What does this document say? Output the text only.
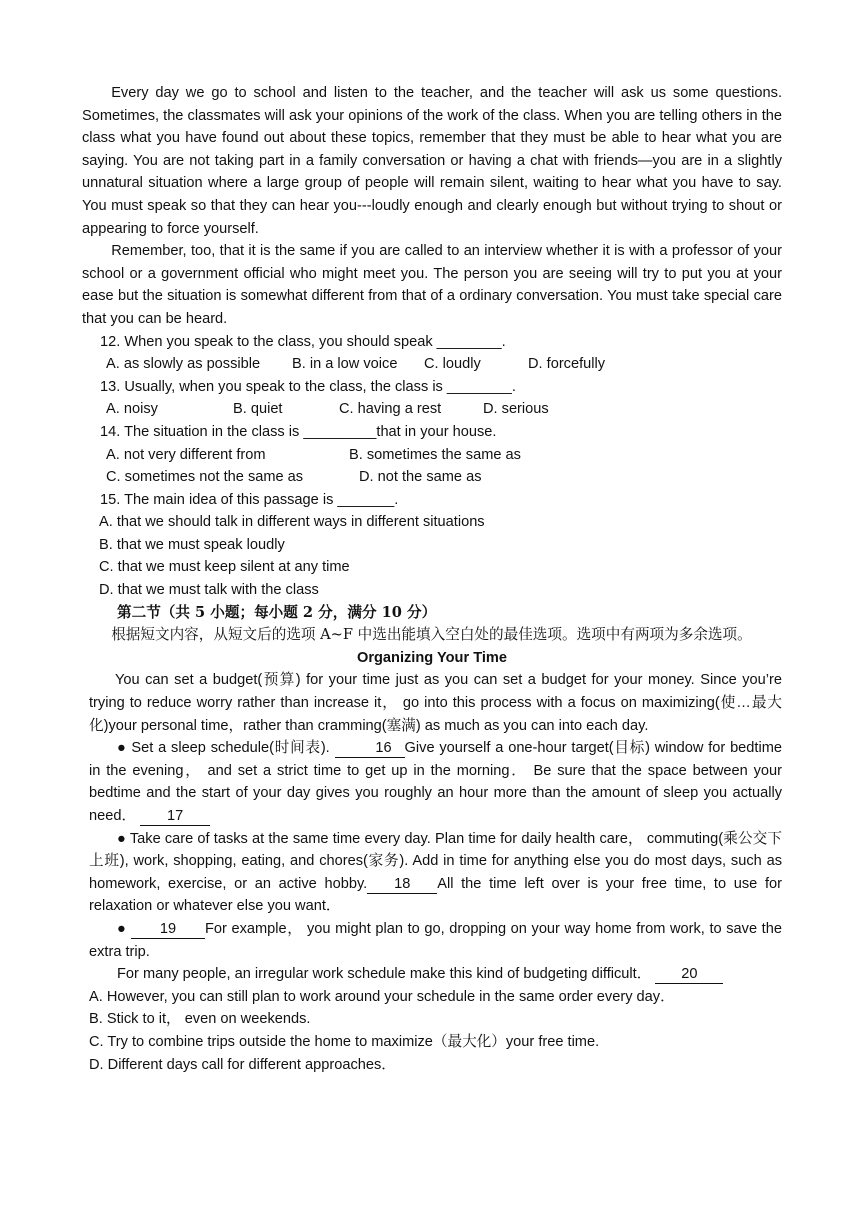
Every day we go to school and listen to the teacher, and the teacher will ask us some questions. Sometimes, the classmates will ask your opinions of the work of the class. When you are telling others in the class what you have found out about these topics, remember that they must be able to hear what you are saying. You are not taking part in a family conversation or having a chat with friends—you are in a slightly unnatural situation where a large group of people will remain silent, waiting to hear what you have to say. You must speak so that they can hear you---loudly enough and clearly enough but without trying to shout or appearing to force yourself.

Remember, too, that it is the same if you are called to an interview whether it is with a professor of your school or a government official who might meet you. The person you are seeing will try to put you at your ease but the situation is somewhat different from that of a ordinary conversation. You must take special care that you can be heard.

12. When you speak to the class, you should speak ________.

A. as slowly as possible B. in a low voice C. loudly	D. forcefully

13. Usually, when you speak to the class, the class is ________.

A. noisy	B. quiet	C. having a rest	D. serious

14. The situation in the class is _________that in your house.

A. not very different from	B. sometimes the same as

C. sometimes not the same as	D. not the same as

15. The main idea of this passage is _______.

A. that we should talk in different ways in different situations

B. that we must speak loudly

C. that we must keep silent at any time

D. that we must talk with the class

第二节（共 5 小题；每小题 2 分，满分 10 分）

根据短文内容，从短文后的选项 A~F 中选出能填入空白处的最佳选项。选项中有两项为多余选项。

Organizing Your Time

You can set a budget(预算) for your time just as you can set a budget for your money. Since you’re trying to reduce worry rather than increase it， go into this process with a focus on maximizing(使…最大化)your personal time，rather than cramming(塞满) as much as you can into each day.

● Set a sleep schedule(时间表).	16 Give yourself a one-hour target(目标) window for bedtime in the evening， and set a strict time to get up in the morning． Be sure that the space between your bedtime and the start of your day gives you roughly an hour more than the amount of sleep you actually need． 17

● Take care of tasks at the same time every day. Plan time for daily health care， commuting(乘公交下上班), work, shopping, eating, and chores(家务). Add in time for anything else you do most days, such as homework, exercise, or an active hobby. 18 All the time left over is your free time, to use for relaxation or whatever else you want．

● 19 For example， you might plan to go, dropping on your way home from work, to save the extra trip.

For many people, an irregular work schedule make this kind of budgeting difficult． 20

A. However, you can still plan to work around your schedule in the same order every day．

B. Stick to it， even on weekends.

C. Try to combine trips outside the home to maximize（最大化）your free time.

D. Different days call for different approaches．
